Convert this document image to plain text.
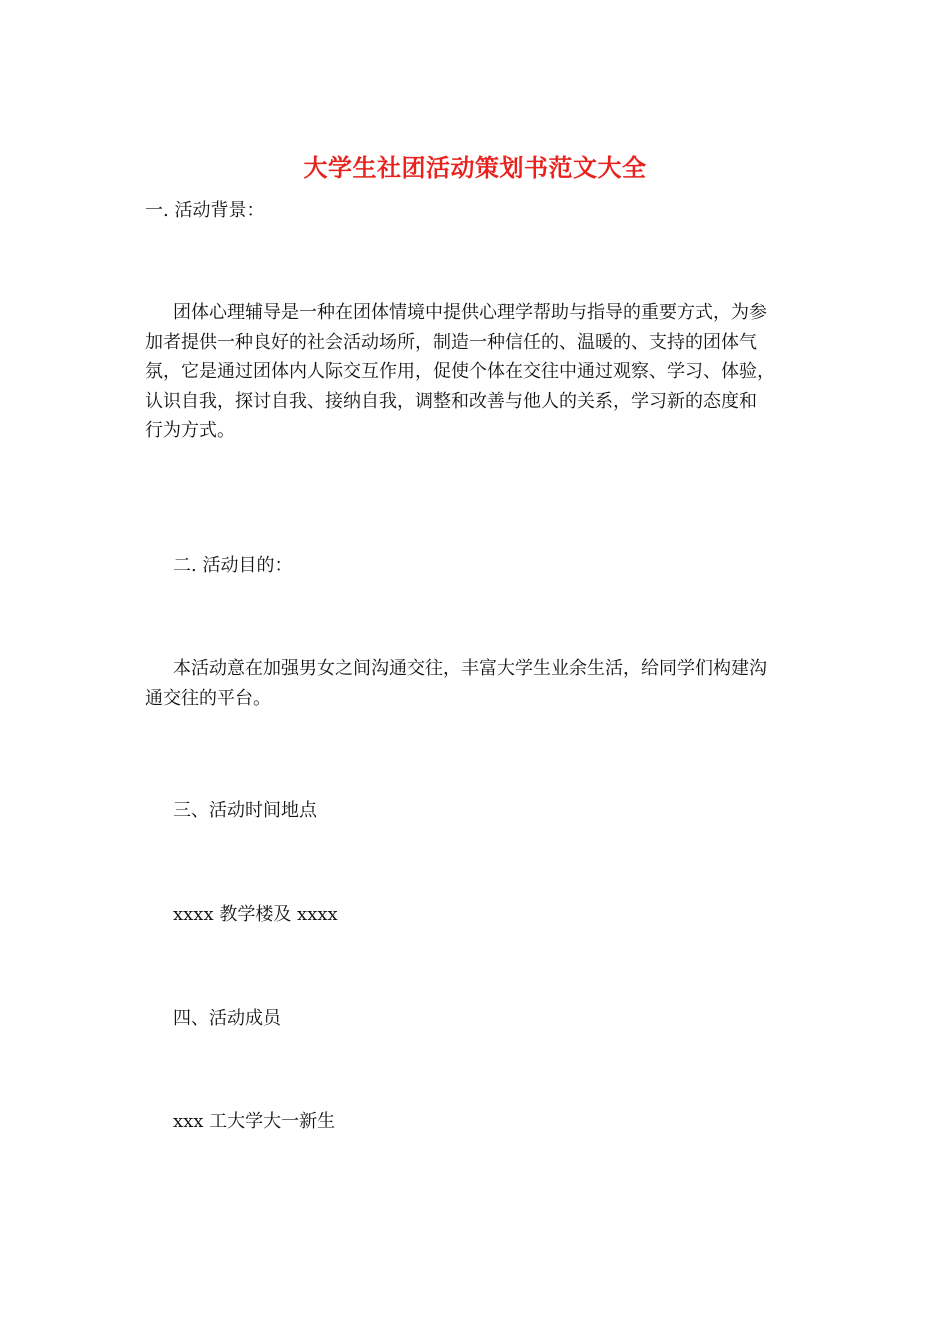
大学生社团活动策划书范文大全
一. 活动背景：
团体心理辅导是一种在团体情境中提供心理学帮助与指导的重要方式，为参
加者提供一种良好的社会活动场所，制造一种信任的、温暖的、支持的团体气
氛，它是通过团体内人际交互作用，促使个体在交往中通过观察、学习、体验，
认识自我，探讨自我、接纳自我，调整和改善与他人的关系，学习新的态度和
行为方式。
二. 活动目的：
本活动意在加强男女之间沟通交往，丰富大学生业余生活，给同学们构建沟
通交往的平台。
三、活动时间地点
xxxx 教学楼及 xxxx
四、活动成员
xxx 工大学大一新生
